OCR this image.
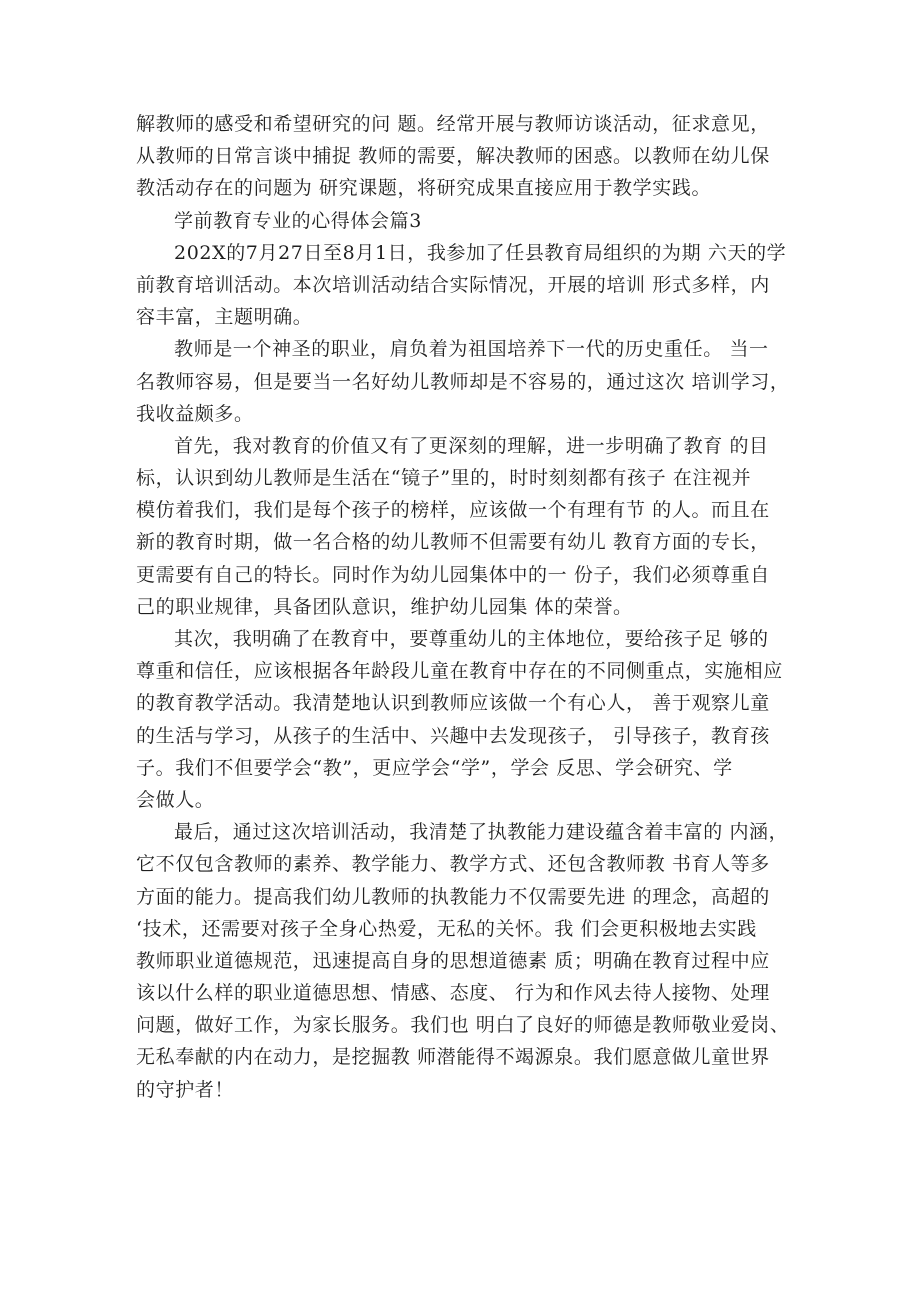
解教师的感受和希望研究的问 题。经常开展与教师访谈活动，征求意见，
从教师的日常言谈中捕捉 教师的需要，解决教师的困惑。以教师在幼儿保
教活动存在的问题为 研究课题，将研究成果直接应用于教学实践。
学前教育专业的心得体会篇3
202X的7月27日至8月1日，我参加了任县教育局组织的为期 六天的学
前教育培训活动。本次培训活动结合实际情况，开展的培训 形式多样，内
容丰富，主题明确。
教师是一个神圣的职业，肩负着为祖国培养下一代的历史重任。 当一
名教师容易，但是要当一名好幼儿教师却是不容易的，通过这次 培训学习，
我收益颇多。
首先，我对教育的价值又有了更深刻的理解，进一步明确了教育 的目
标，认识到幼儿教师是生活在“镜子”里的，时时刻刻都有孩子 在注视并
模仿着我们，我们是每个孩子的榜样，应该做一个有理有节 的人。而且在
新的教育时期，做一名合格的幼儿教师不但需要有幼儿 教育方面的专长，
更需要有自己的特长。同时作为幼儿园集体中的一 份子，我们必须尊重自
己的职业规律，具备团队意识，维护幼儿园集 体的荣誉。
其次，我明确了在教育中，要尊重幼儿的主体地位，要给孩子足 够的
尊重和信任，应该根据各年龄段儿童在教育中存在的不同侧重点，实施相应
的教育教学活动。我清楚地认识到教师应该做一个有心人， 善于观察儿童
的生活与学习，从孩子的生活中、兴趣中去发现孩子， 引导孩子，教育孩
子。我们不但要学会“教”，更应学会“学”，学会 反思、学会研究、学
会做人。
最后，通过这次培训活动，我清楚了执教能力建设蕴含着丰富的 内涵，
它不仅包含教师的素养、教学能力、教学方式、还包含教师教 书育人等多
方面的能力。提高我们幼儿教师的执教能力不仅需要先进 的理念，高超的
‘技术，还需要对孩子全身心热爱，无私的关怀。我 们会更积极地去实践
教师职业道德规范，迅速提高自身的思想道德素 质；明确在教育过程中应
该以什么样的职业道德思想、情感、态度、 行为和作风去待人接物、处理
问题，做好工作，为家长服务。我们也 明白了良好的师德是教师敬业爱岗、
无私奉献的内在动力，是挖掘教 师潜能得不竭源泉。我们愿意做儿童世界
的守护者！
